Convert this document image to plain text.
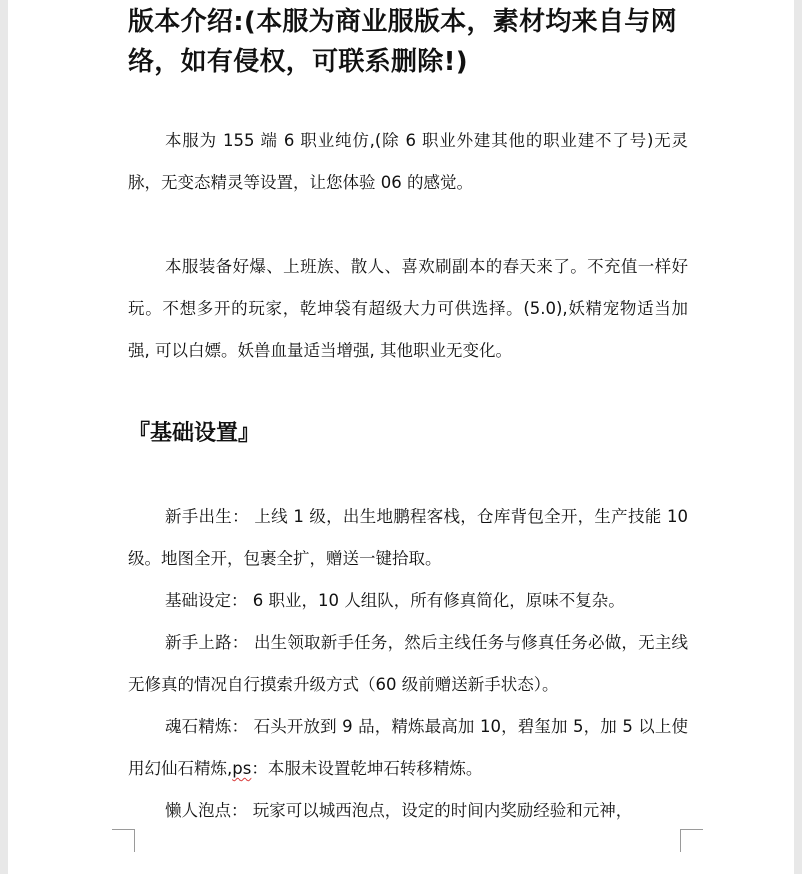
版本介绍:(本服为商业服版本，素材均来自与网络，如有侵权，可联系删除!)

本服为 155 端 6 职业纯仿,(除 6 职业外建其他的职业建不了号)无灵脉，无变态精灵等设置，让您体验 06 的感觉。

本服装备好爆、上班族、散人、喜欢刷副本的春天来了。不充值一样好玩。不想多开的玩家，乾坤袋有超级大力可供选择。(5.0),妖精宠物适当加强, 可以白嫖。妖兽血量适当增强, 其他职业无变化。

『基础设置』

新手出生： 上线 1 级，出生地鹏程客栈，仓库背包全开，生产技能 10 级。地图全开，包裹全扩，赠送一键拾取。

基础设定： 6 职业，10 人组队，所有修真简化，原味不复杂。

新手上路： 出生领取新手任务，然后主线任务与修真任务必做，无主线无修真的情况自行摸索升级方式（60 级前赠送新手状态）。

魂石精炼： 石头开放到 9 品，精炼最高加 10，碧玺加 5，加 5 以上使用幻仙石精炼,ps：本服未设置乾坤石转移精炼。

懒人泡点： 玩家可以城西泡点，设定的时间内奖励经验和元神，
